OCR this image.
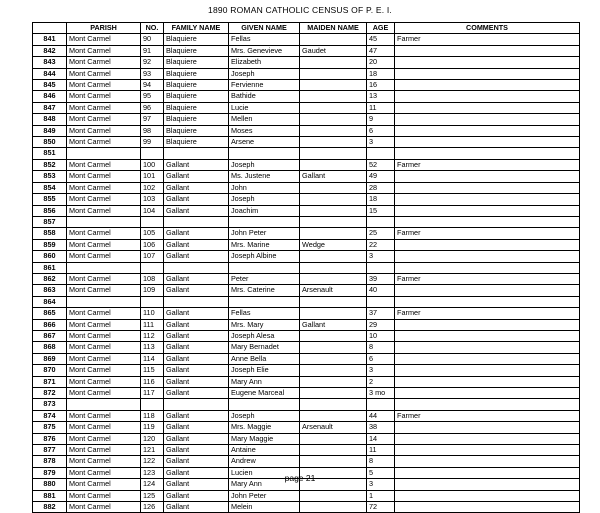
1890 ROMAN CATHOLIC CENSUS OF P. E. I.
	PARISH	NO.	FAMILY NAME	GIVEN NAME	MAIDEN NAME	AGE	COMMENTS
841	Mont Carmel	90	Blaquiere	Fellas		45	Farmer
842	Mont Carmel	91	Blaquiere	Mrs. Genevieve	Gaudet	47	
843	Mont Carmel	92	Blaquiere	Elizabeth		20	
844	Mont Carmel	93	Blaquiere	Joseph		18	
845	Mont Carmel	94	Blaquiere	Fervienne		16	
846	Mont Carmel	95	Blaquiere	Bathide		13	
847	Mont Carmel	96	Blaquiere	Lucie		11	
848	Mont Carmel	97	Blaquiere	Mellen		9	
849	Mont Carmel	98	Blaquiere	Moses		6	
850	Mont Carmel	99	Blaquiere	Arsene		3	
851							
852	Mont Carmel	100	Gallant	Joseph		52	Farmer
853	Mont Carmel	101	Gallant	Ms. Justene	Gallant	49	
854	Mont Carmel	102	Gallant	John		28	
855	Mont Carmel	103	Gallant	Joseph		18	
856	Mont Carmel	104	Gallant	Joachim		15	
857							
858	Mont Carmel	105	Gallant	John Peter		25	Farmer
859	Mont Carmel	106	Gallant	Mrs. Marine	Wedge	22	
860	Mont Carmel	107	Gallant	Joseph Albine		3	
861							
862	Mont Carmel	108	Gallant	Peter		39	Farmer
863	Mont Carmel	109	Gallant	Mrs. Caterine	Arsenault	40	
864							
865	Mont Carmel	110	Gallant	Fellas		37	Farmer
866	Mont Carmel	111	Gallant	Mrs. Mary	Gallant	29	
867	Mont Carmel	112	Gallant	Joseph Alesa		10	
868	Mont Carmel	113	Gallant	Mary Bernadet		8	
869	Mont Carmel	114	Gallant	Anne Bella		6	
870	Mont Carmel	115	Gallant	Joseph Elie		3	
871	Mont Carmel	116	Gallant	Mary Ann		2	
872	Mont Carmel	117	Gallant	Eugene Marceal		3 mo	
873							
874	Mont Carmel	118	Gallant	Joseph		44	Farmer
875	Mont Carmel	119	Gallant	Mrs. Maggie	Arsenault	38	
876	Mont Carmel	120	Gallant	Mary Maggie		14	
877	Mont Carmel	121	Gallant	Antaine		11	
878	Mont Carmel	122	Gallant	Andrew		8	
879	Mont Carmel	123	Gallant	Lucien		5	
880	Mont Carmel	124	Gallant	Mary Ann		3	
881	Mont Carmel	125	Gallant	John Peter		1	
882	Mont Carmel	126	Gallant	Melein		72	
page 21
